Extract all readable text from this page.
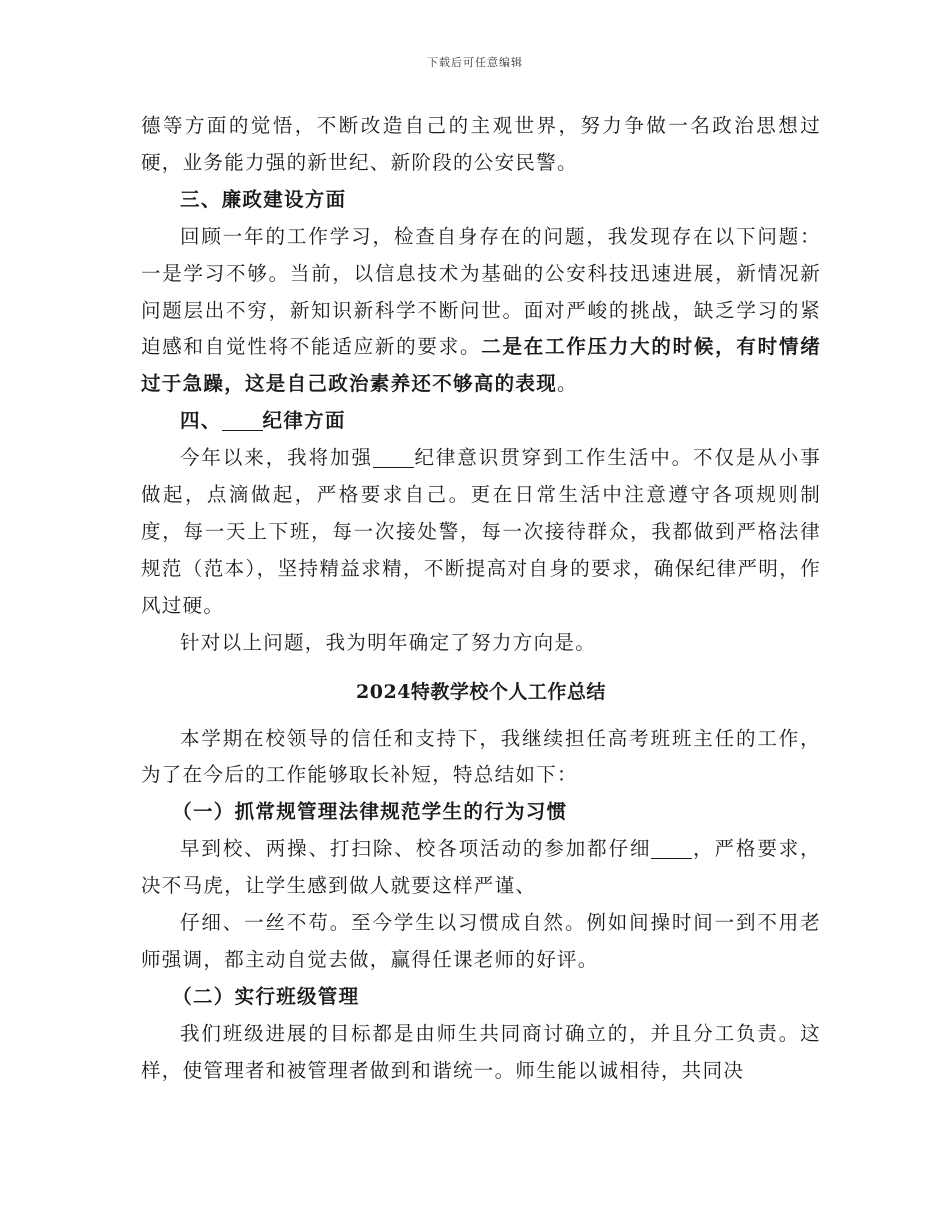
下载后可任意编辑

德等方面的觉悟，不断改造自己的主观世界，努力争做一名政治思想过硬，业务能力强的新世纪、新阶段的公安民警。

三、廉政建设方面

回顾一年的工作学习，检查自身存在的问题，我发现存在以下问题：一是学习不够。当前，以信息技术为基础的公安科技迅速进展，新情况新问题层出不穷，新知识新科学不断问世。面对严峻的挑战，缺乏学习的紧迫感和自觉性将不能适应新的要求。二是在工作压力大的时候，有时情绪过于急躁，这是自己政治素养还不够高的表现。

四、 纪律方面

今年以来，我将加强 纪律意识贯穿到工作生活中。不仅是从小事做起，点滴做起，严格要求自己。更在日常生活中注意遵守各项规则制度，每一天上下班，每一次接处警，每一次接待群众，我都做到严格法律规范（范本），坚持精益求精，不断提高对自身的要求，确保纪律严明，作风过硬。

针对以上问题，我为明年确定了努力方向是。

2024特教学校个人工作总结

本学期在校领导的信任和支持下，我继续担任高考班班主任的工作，为了在今后的工作能够取长补短，特总结如下：

（一）抓常规管理法律规范学生的行为习惯

早到校、两操、打扫除、校各项活动的参加都仔细 ，严格要求，决不马虎，让学生感到做人就要这样严谨、

仔细、一丝不苟。至今学生以习惯成自然。例如间操时间一到不用老师强调，都主动自觉去做，赢得任课老师的好评。

（二）实行班级管理

我们班级进展的目标都是由师生共同商讨确立的，并且分工负责。这样，使管理者和被管理者做到和谐统一。师生能以诚相待，共同决
